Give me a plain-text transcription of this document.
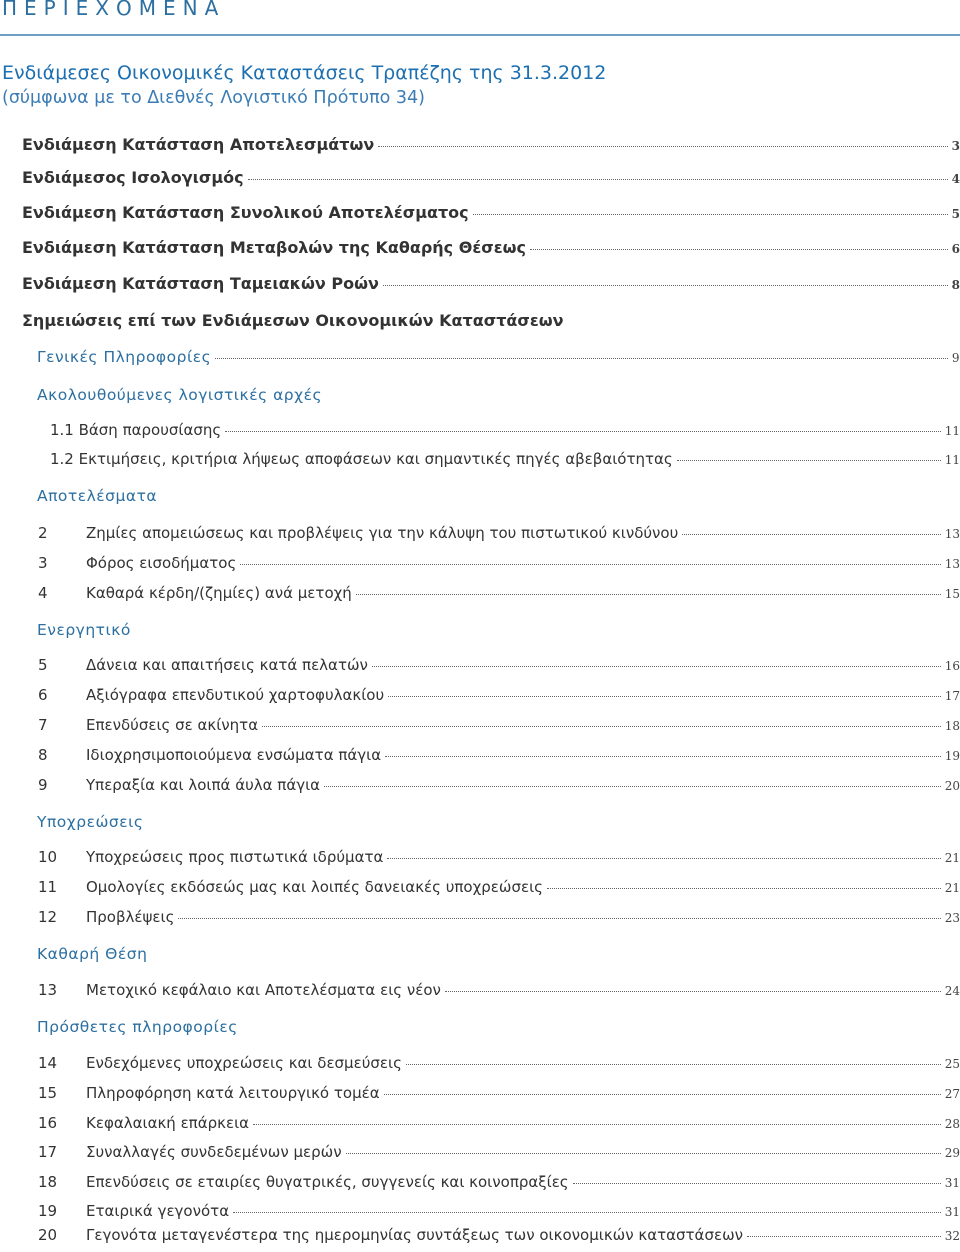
ΠΕΡΙΕΧΟΜΕΝΑ
Ενδιάμεσες Οικονομικές Καταστάσεις Τραπέζης της 31.3.2012
(σύμφωνα με το Διεθνές Λογιστικό Πρότυπο 34)
Ενδιάμεση Κατάσταση Αποτελεσμάτων	3
Ενδιάμεσος Ισολογισμός	4
Ενδιάμεση Κατάσταση Συνολικού Αποτελέσματος	5
Ενδιάμεση Κατάσταση Μεταβολών της Καθαρής Θέσεως	6
Ενδιάμεση Κατάσταση Ταμειακών Ροών	8
Σημειώσεις επί των Ενδιάμεσων Οικονομικών Καταστάσεων
Γενικές Πληροφορίες	9
Ακολουθούμενες λογιστικές αρχές
1.1 Βάση παρουσίασης	11
1.2 Εκτιμήσεις, κριτήρια λήψεως αποφάσεων και σημαντικές πηγές αβεβαιότητας	11
Αποτελέσματα
2	Ζημίες απομειώσεως και προβλέψεις για την κάλυψη του πιστωτικού κινδύνου	13
3	Φόρος εισοδήματος	13
4	Καθαρά κέρδη/(ζημίες) ανά μετοχή	15
Ενεργητικό
5	Δάνεια και απαιτήσεις κατά πελατών	16
6	Αξιόγραφα επενδυτικού χαρτοφυλακίου	17
7	Επενδύσεις σε ακίνητα	18
8	Ιδιοχρησιμοποιούμενα ενσώματα πάγια	19
9	Υπεραξία και λοιπά άυλα πάγια	20
Υποχρεώσεις
10	Υποχρεώσεις προς πιστωτικά ιδρύματα	21
11	Ομολογίες εκδόσεώς μας και λοιπές δανειακές υποχρεώσεις	21
12	Προβλέψεις	23
Καθαρή Θέση
13	Μετοχικό κεφάλαιο και Αποτελέσματα εις νέον	24
Πρόσθετες πληροφορίες
14	Ενδεχόμενες υποχρεώσεις και δεσμεύσεις	25
15	Πληροφόρηση κατά λειτουργικό τομέα	27
16	Κεφαλαιακή επάρκεια	28
17	Συναλλαγές συνδεδεμένων μερών	29
18	Επενδύσεις σε εταιρίες θυγατρικές, συγγενείς και κοινοπραξίες	31
19	Εταιρικά γεγονότα	31
20	Γεγονότα μεταγενέστερα της ημερομηνίας συντάξεως των οικονομικών καταστάσεων	32
